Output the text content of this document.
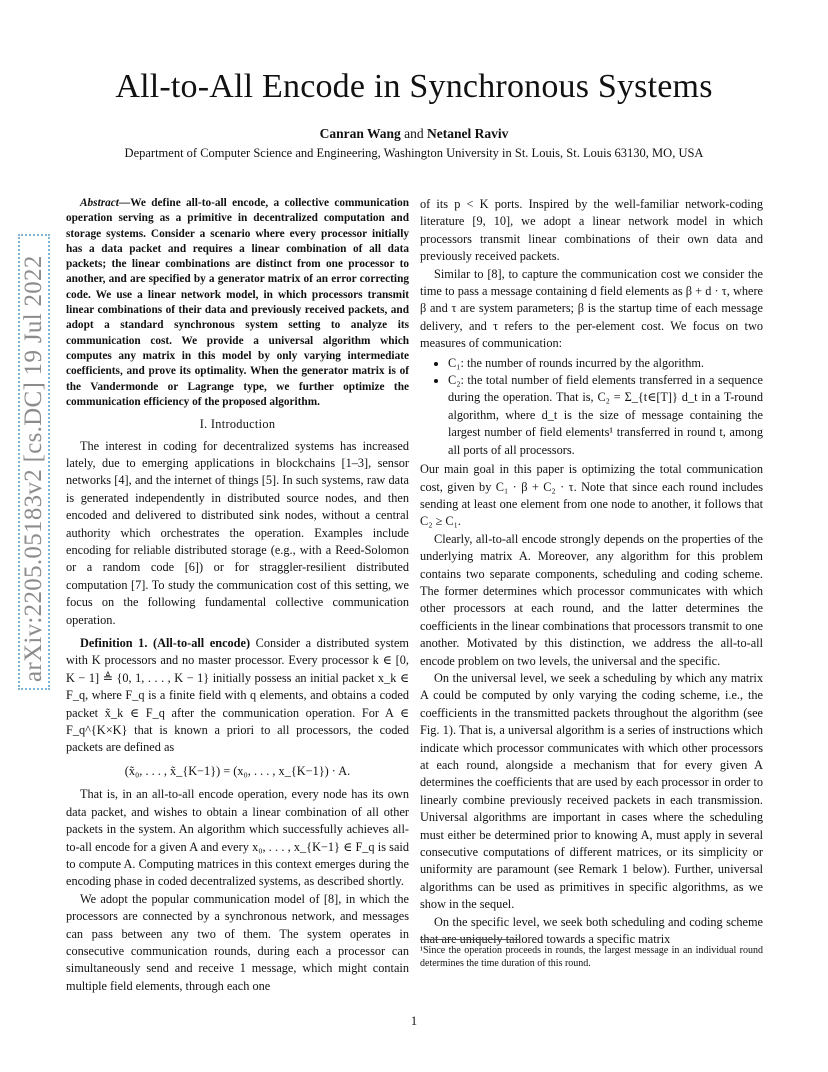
All-to-All Encode in Synchronous Systems
Canran Wang and Netanel Raviv
Department of Computer Science and Engineering, Washington University in St. Louis, St. Louis 63130, MO, USA
arXiv:2205.05183v2 [cs.DC] 19 Jul 2022

Abstract—We define all-to-all encode, a collective communication operation serving as a primitive in decentralized computation and storage systems. Consider a scenario where every processor initially has a data packet and requires a linear combination of all data packets; the linear combinations are distinct from one processor to another, and are specified by a generator matrix of an error correcting code. We use a linear network model, in which processors transmit linear combinations of their data and previously received packets, and adopt a standard synchronous system setting to analyze its communication cost. We provide a universal algorithm which computes any matrix in this model by only varying intermediate coefficients, and prove its optimality. When the generator matrix is of the Vandermonde or Lagrange type, we further optimize the communication efficiency of the proposed algorithm.

I. Introduction

The interest in coding for decentralized systems has increased lately, due to emerging applications in blockchains [1–3], sensor networks [4], and the internet of things [5]. In such systems, raw data is generated independently in distributed source nodes, and then encoded and delivered to distributed sink nodes, without a central authority which orchestrates the operation. Examples include encoding for reliable distributed storage (e.g., with a Reed-Solomon or a random code [6]) or for straggler-resilient distributed computation [7]. To study the communication cost of this setting, we focus on the following fundamental collective communication operation.

Definition 1. (All-to-all encode) Consider a distributed system with K processors and no master processor. Every processor k ∈ [0, K − 1] ≜ {0, 1, . . . , K − 1} initially possess an initial packet x_k ∈ F_q, where F_q is a finite field with q elements, and obtains a coded packet x̃_k ∈ F_q after the communication operation. For A ∈ F_q^{K×K} that is known a priori to all processors, the coded packets are defined as

(x̃₀, . . . , x̃_{K−1}) = (x₀, . . . , x_{K−1}) · A.

That is, in an all-to-all encode operation, every node has its own data packet, and wishes to obtain a linear combination of all other packets in the system. An algorithm which successfully achieves all-to-all encode for a given A and every x₀, . . . , x_{K−1} ∈ F_q is said to compute A. Computing matrices in this context emerges during the encoding phase in coded decentralized systems, as described shortly.

We adopt the popular communication model of [8], in which the processors are connected by a synchronous network, and messages can pass between any two of them. The system operates in consecutive communication rounds, during each a processor can simultaneously send and receive 1 message, which might contain multiple field elements, through each one

of its p < K ports. Inspired by the well-familiar network-coding literature [9, 10], we adopt a linear network model in which processors transmit linear combinations of their own data and previously received packets.

Similar to [8], to capture the communication cost we consider the time to pass a message containing d field elements as β + d · τ, where β and τ are system parameters; β is the startup time of each message delivery, and τ refers to the per-element cost. We focus on two measures of communication:

• C₁: the number of rounds incurred by the algorithm.
• C₂: the total number of field elements transferred in a sequence during the operation. That is, C₂ = Σ_{t∈[T]} d_t in a T-round algorithm, where d_t is the size of message containing the largest number of field elements¹ transferred in round t, among all ports of all processors.

Our main goal in this paper is optimizing the total communication cost, given by C₁ · β + C₂ · τ. Note that since each round includes sending at least one element from one node to another, it follows that C₂ ≥ C₁.

Clearly, all-to-all encode strongly depends on the properties of the underlying matrix A. Moreover, any algorithm for this problem contains two separate components, scheduling and coding scheme. The former determines which processor communicates with which other processors at each round, and the latter determines the coefficients in the linear combinations that processors transmit to one another. Motivated by this distinction, we address the all-to-all encode problem on two levels, the universal and the specific.

On the universal level, we seek a scheduling by which any matrix A could be computed by only varying the coding scheme, i.e., the coefficients in the transmitted packets throughout the algorithm (see Fig. 1). That is, a universal algorithm is a series of instructions which indicate which processor communicates with which other processors at each round, alongside a mechanism that for every given A determines the coefficients that are used by each processor in order to linearly combine previously received packets in each transmission. Universal algorithms are important in cases where the scheduling must either be determined prior to knowing A, must apply in several consecutive computations of different matrices, or its simplicity or uniformity are paramount (see Remark 1 below). Further, universal algorithms can be used as primitives in specific algorithms, as we show in the sequel.

On the specific level, we seek both scheduling and coding scheme that are uniquely tailored towards a specific matrix

¹Since the operation proceeds in rounds, the largest message in an individual round determines the time duration of this round.
1
